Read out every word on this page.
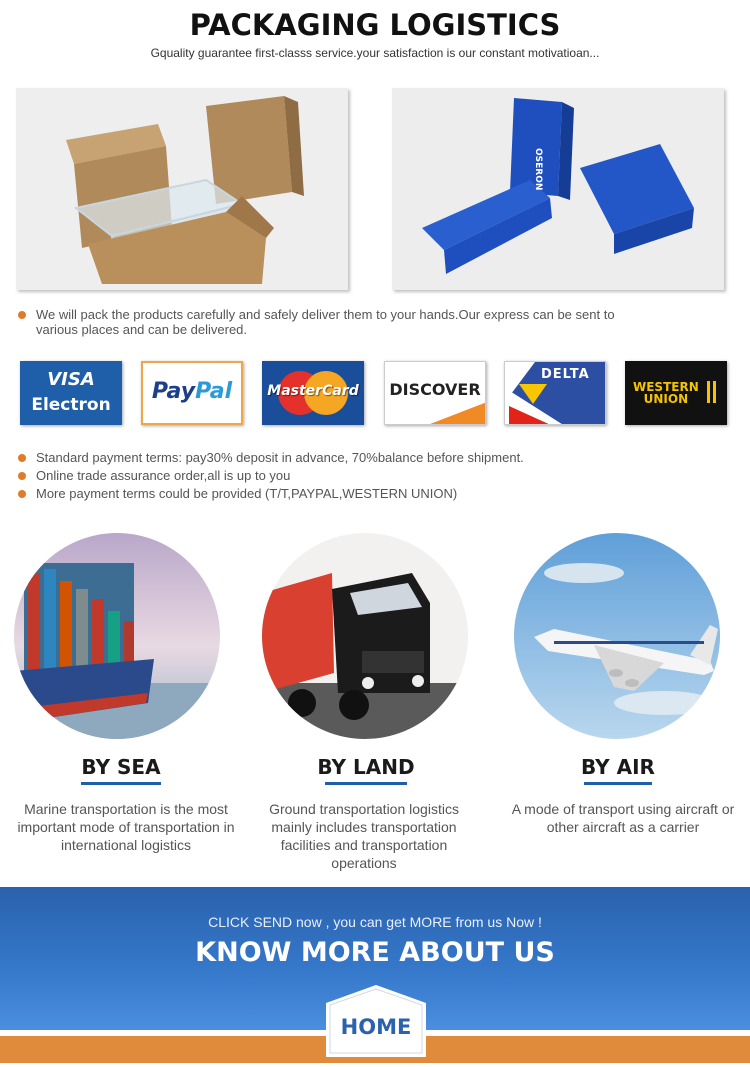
PACKAGING LOGISTICS
Gquality guarantee first-classs service.your satisfaction is our constant motivatioan...
OSERON
We will pack the products carefully and safely deliver them to your hands.Our express can be sent to various places and can be delivered.
VISA
Electron
PayPal	MasterCard	DISCOVER
DELTA
WESTERN
UNION
Standard payment terms: pay30% deposit in advance, 70%balance before shipment.
Online trade assurance order,all is up to you
More payment terms could be provided (T/T,PAYPAL,WESTERN UNION)
BY SEA	BY LAND	BY AIR
Marine transportation is the most important mode of transportation in international logistics
Ground transportation logistics mainly includes transportation facilities and transportation operations
A mode of transport using aircraft or other aircraft as a carrier
CLICK SEND now , you can get MORE from us Now !
KNOW MORE ABOUT US
HOME
